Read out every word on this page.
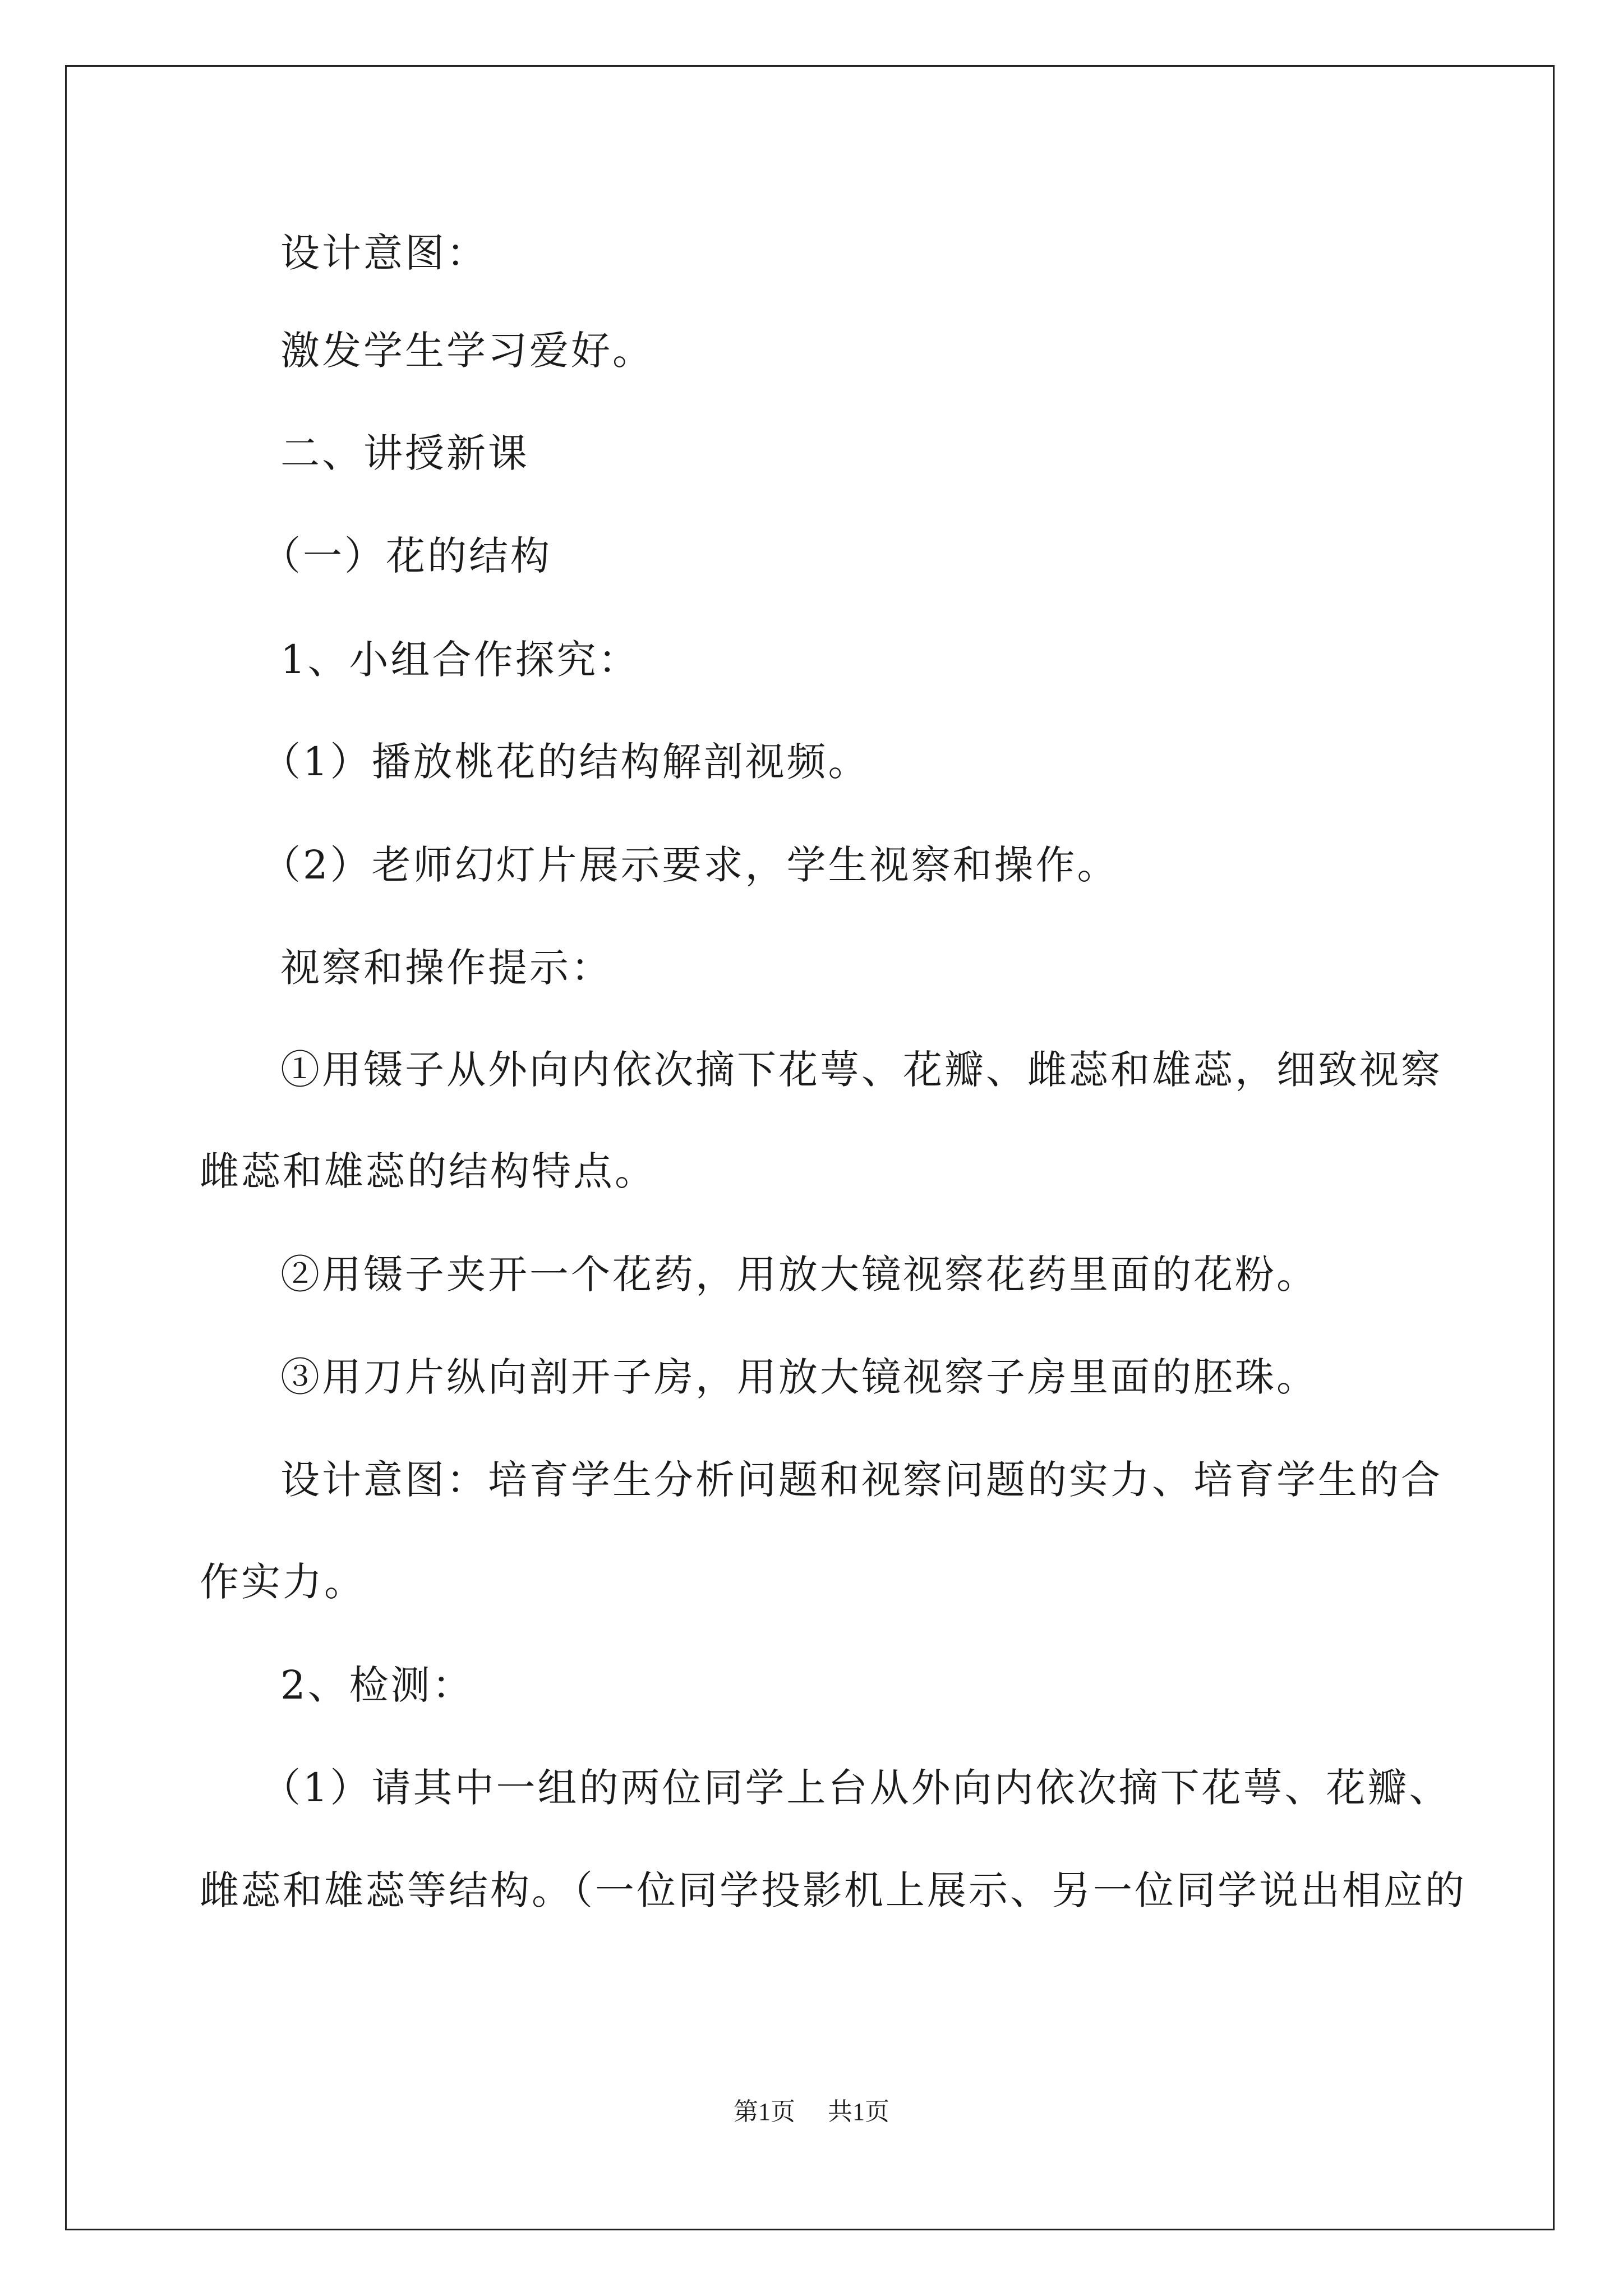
设计意图：
激发学生学习爱好。
二、讲授新课
（一）花的结构
1、小组合作探究：
（1）播放桃花的结构解剖视频。
（2）老师幻灯片展示要求，学生视察和操作。
视察和操作提示：
①用镊子从外向内依次摘下花萼、花瓣、雌蕊和雄蕊，细致视察
雌蕊和雄蕊的结构特点。
②用镊子夹开一个花药，用放大镜视察花药里面的花粉。
③用刀片纵向剖开子房，用放大镜视察子房里面的胚珠。
设计意图：培育学生分析问题和视察问题的实力、培育学生的合
作实力。
2、检测：
（1）请其中一组的两位同学上台从外向内依次摘下花萼、花瓣、
雌蕊和雄蕊等结构。（一位同学投影机上展示、另一位同学说出相应的
第1页 共1页
